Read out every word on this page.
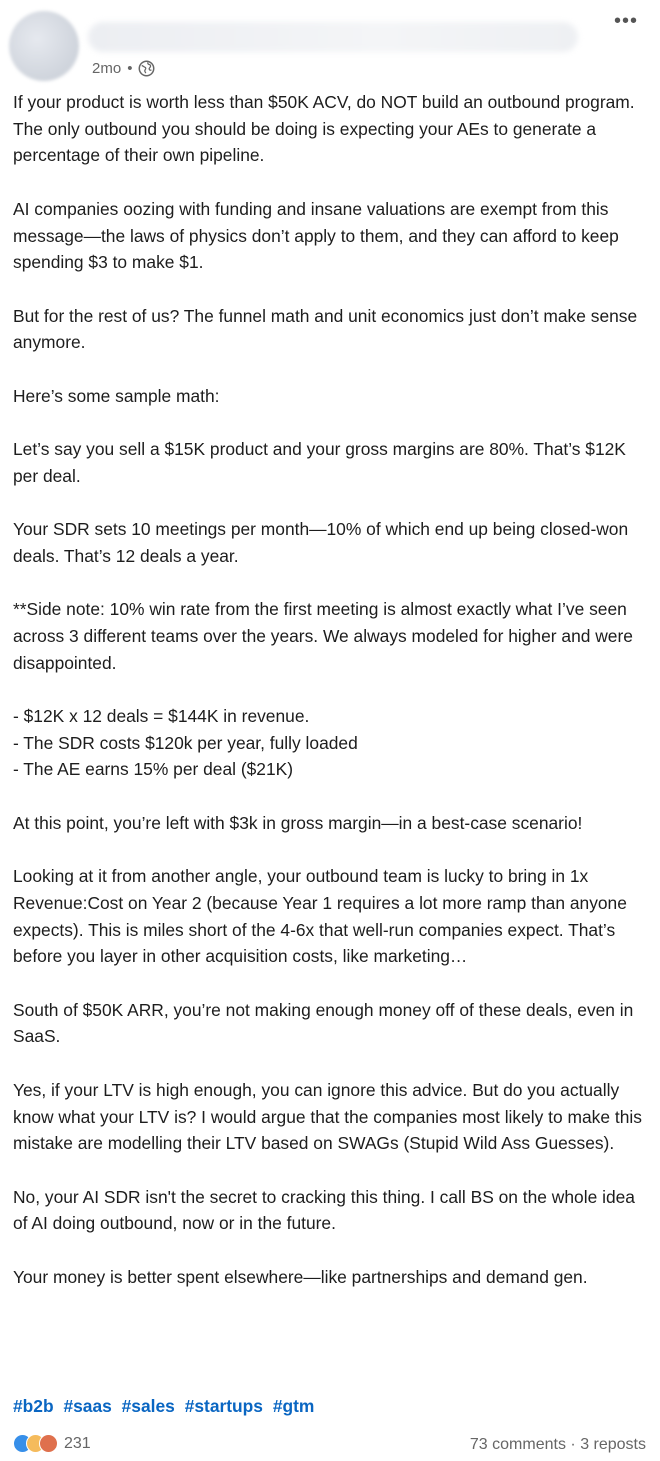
2mo •
•••

If your product is worth less than $50K ACV, do NOT build an outbound program. The only outbound you should be doing is expecting your AEs to generate a percentage of their own pipeline.

AI companies oozing with funding and insane valuations are exempt from this message—the laws of physics don’t apply to them, and they can afford to keep spending $3 to make $1.

But for the rest of us? The funnel math and unit economics just don’t make sense anymore.

Here’s some sample math:

Let’s say you sell a $15K product and your gross margins are 80%. That’s $12K per deal.

Your SDR sets 10 meetings per month—10% of which end up being closed-won deals. That’s 12 deals a year.

**Side note: 10% win rate from the first meeting is almost exactly what I’ve seen across 3 different teams over the years. We always modeled for higher and were disappointed.

- $12K x 12 deals = $144K in revenue.
- The SDR costs $120k per year, fully loaded
- The AE earns 15% per deal ($21K)

At this point, you’re left with $3k in gross margin—in a best-case scenario!

Looking at it from another angle, your outbound team is lucky to bring in 1x Revenue:Cost on Year 2 (because Year 1 requires a lot more ramp than anyone expects). This is miles short of the 4-6x that well-run companies expect. That’s before you layer in other acquisition costs, like marketing…

South of $50K ARR, you’re not making enough money off of these deals, even in SaaS.

Yes, if your LTV is high enough, you can ignore this advice. But do you actually know what your LTV is? I would argue that the companies most likely to make this mistake are modelling their LTV based on SWAGs (Stupid Wild Ass Guesses).

No, your AI SDR isn't the secret to cracking this thing. I call BS on the whole idea of AI doing outbound, now or in the future.

Your money is better spent elsewhere—like partnerships and demand gen.

#b2b #saas #sales #startups #gtm
231	73 comments · 3 reposts
